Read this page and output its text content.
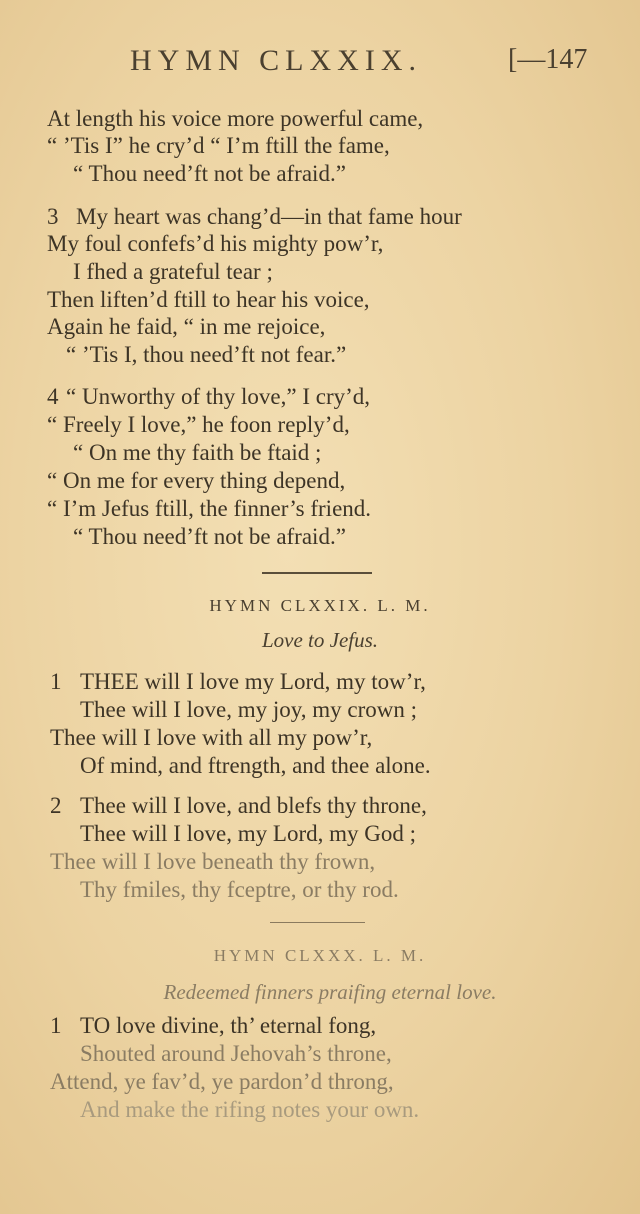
HYMN CLXXIX.	[—147
At length his voice more powerful came,
“ ’Tis I” he cry’d “ I’m ftill the fame,
“ Thou need’ft not be afraid.”
3 My heart was chang’d—in that fame hour
My foul confefs’d his mighty pow’r,
I fhed a grateful tear ;
Then liften’d ftill to hear his voice,
Again he faid, “ in me rejoice,
“ ’Tis I, thou need’ft not fear.”
4 “ Unworthy of thy love,” I cry’d,
“ Freely I love,” he foon reply’d,
“ On me thy faith be ftaid ;
“ On me for every thing depend,
“ I’m Jefus ftill, the finner’s friend.
“ Thou need’ft not be afraid.”
HYMN CLXXIX. L. M.
Love to Jefus.
1 THEE will I love my Lord, my tow’r,
Thee will I love, my joy, my crown ;
Thee will I love with all my pow’r,
Of mind, and ftrength, and thee alone.
2 Thee will I love, and blefs thy throne,
Thee will I love, my Lord, my God ;
Thee will I love beneath thy frown,
Thy fmiles, thy fceptre, or thy rod.
HYMN CLXXX. L. M.
Redeemed finners praifing eternal love.
1 TO love divine, th’ eternal fong,
Shouted around Jehovah’s throne,
Attend, ye fav’d, ye pardon’d throng,
And make the rifing notes your own.
